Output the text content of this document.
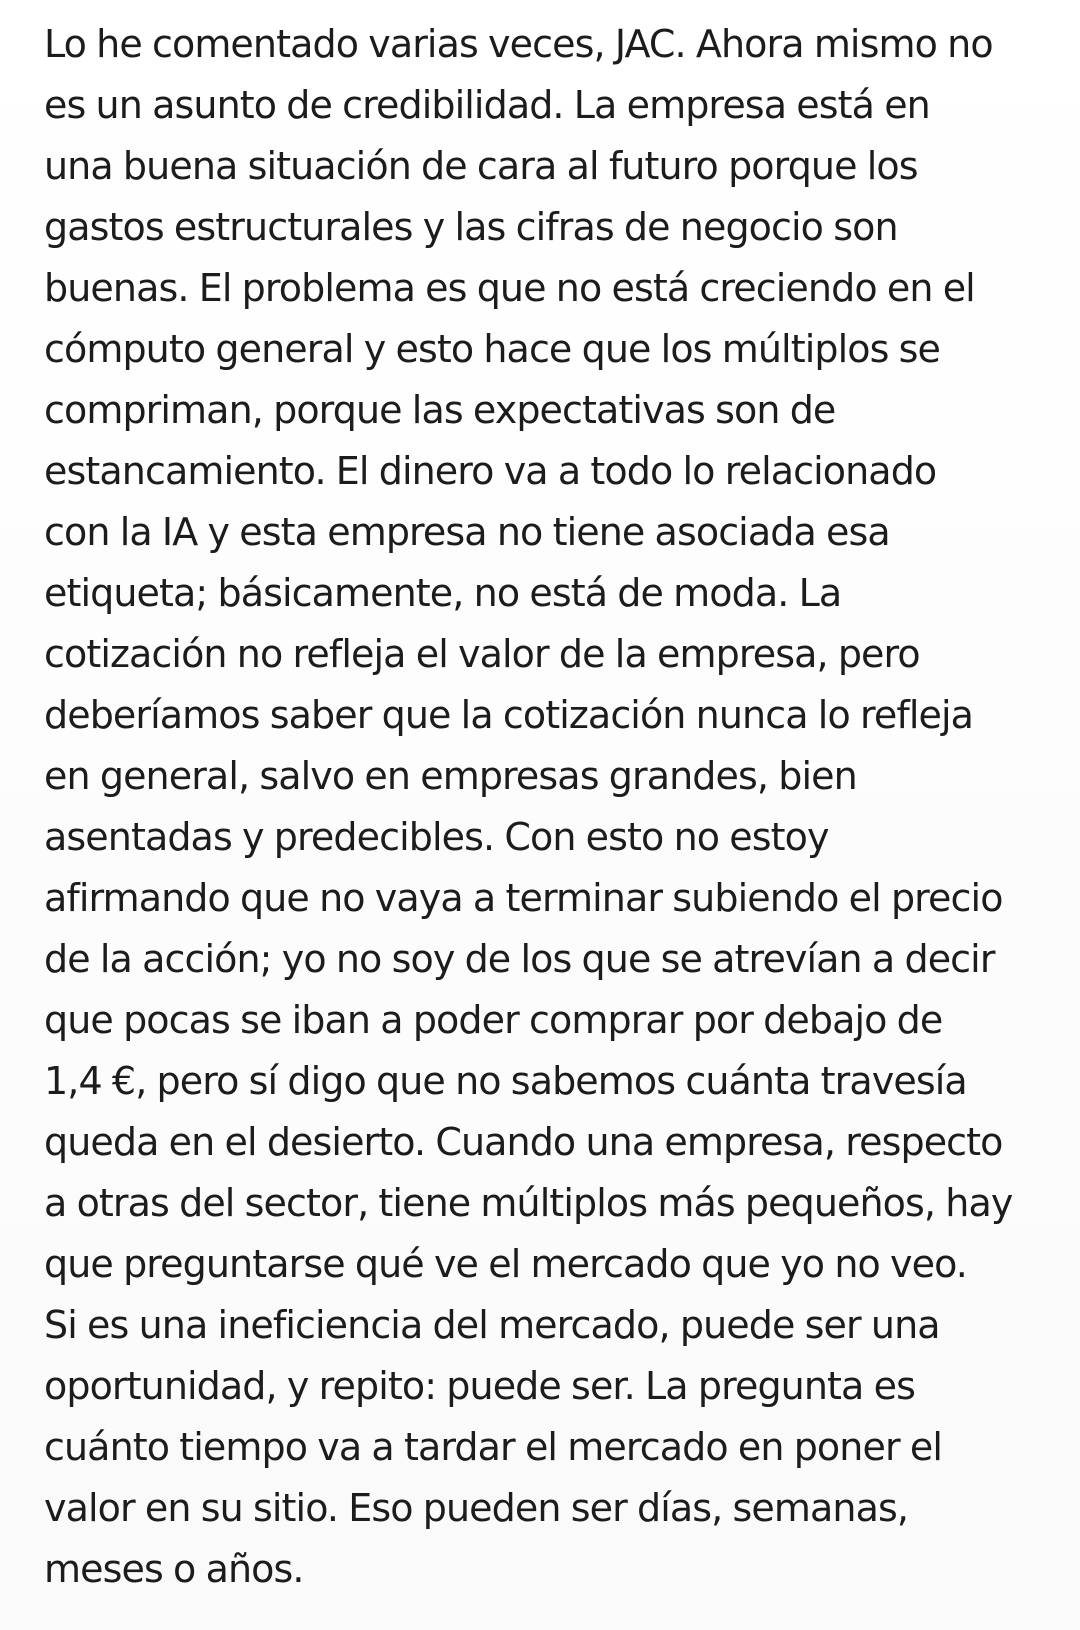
Lo he comentado varias veces, JAC. Ahora mismo no
es un asunto de credibilidad. La empresa está en
una buena situación de cara al futuro porque los
gastos estructurales y las cifras de negocio son
buenas. El problema es que no está creciendo en el
cómputo general y esto hace que los múltiplos se
compriman, porque las expectativas son de
estancamiento. El dinero va a todo lo relacionado
con la IA y esta empresa no tiene asociada esa
etiqueta; básicamente, no está de moda. La
cotización no refleja el valor de la empresa, pero
deberíamos saber que la cotización nunca lo refleja
en general, salvo en empresas grandes, bien
asentadas y predecibles. Con esto no estoy
afirmando que no vaya a terminar subiendo el precio
de la acción; yo no soy de los que se atrevían a decir
que pocas se iban a poder comprar por debajo de
1,4 €, pero sí digo que no sabemos cuánta travesía
queda en el desierto. Cuando una empresa, respecto
a otras del sector, tiene múltiplos más pequeños, hay
que preguntarse qué ve el mercado que yo no veo.
Si es una ineficiencia del mercado, puede ser una
oportunidad, y repito: puede ser. La pregunta es
cuánto tiempo va a tardar el mercado en poner el
valor en su sitio. Eso pueden ser días, semanas,
meses o años.
